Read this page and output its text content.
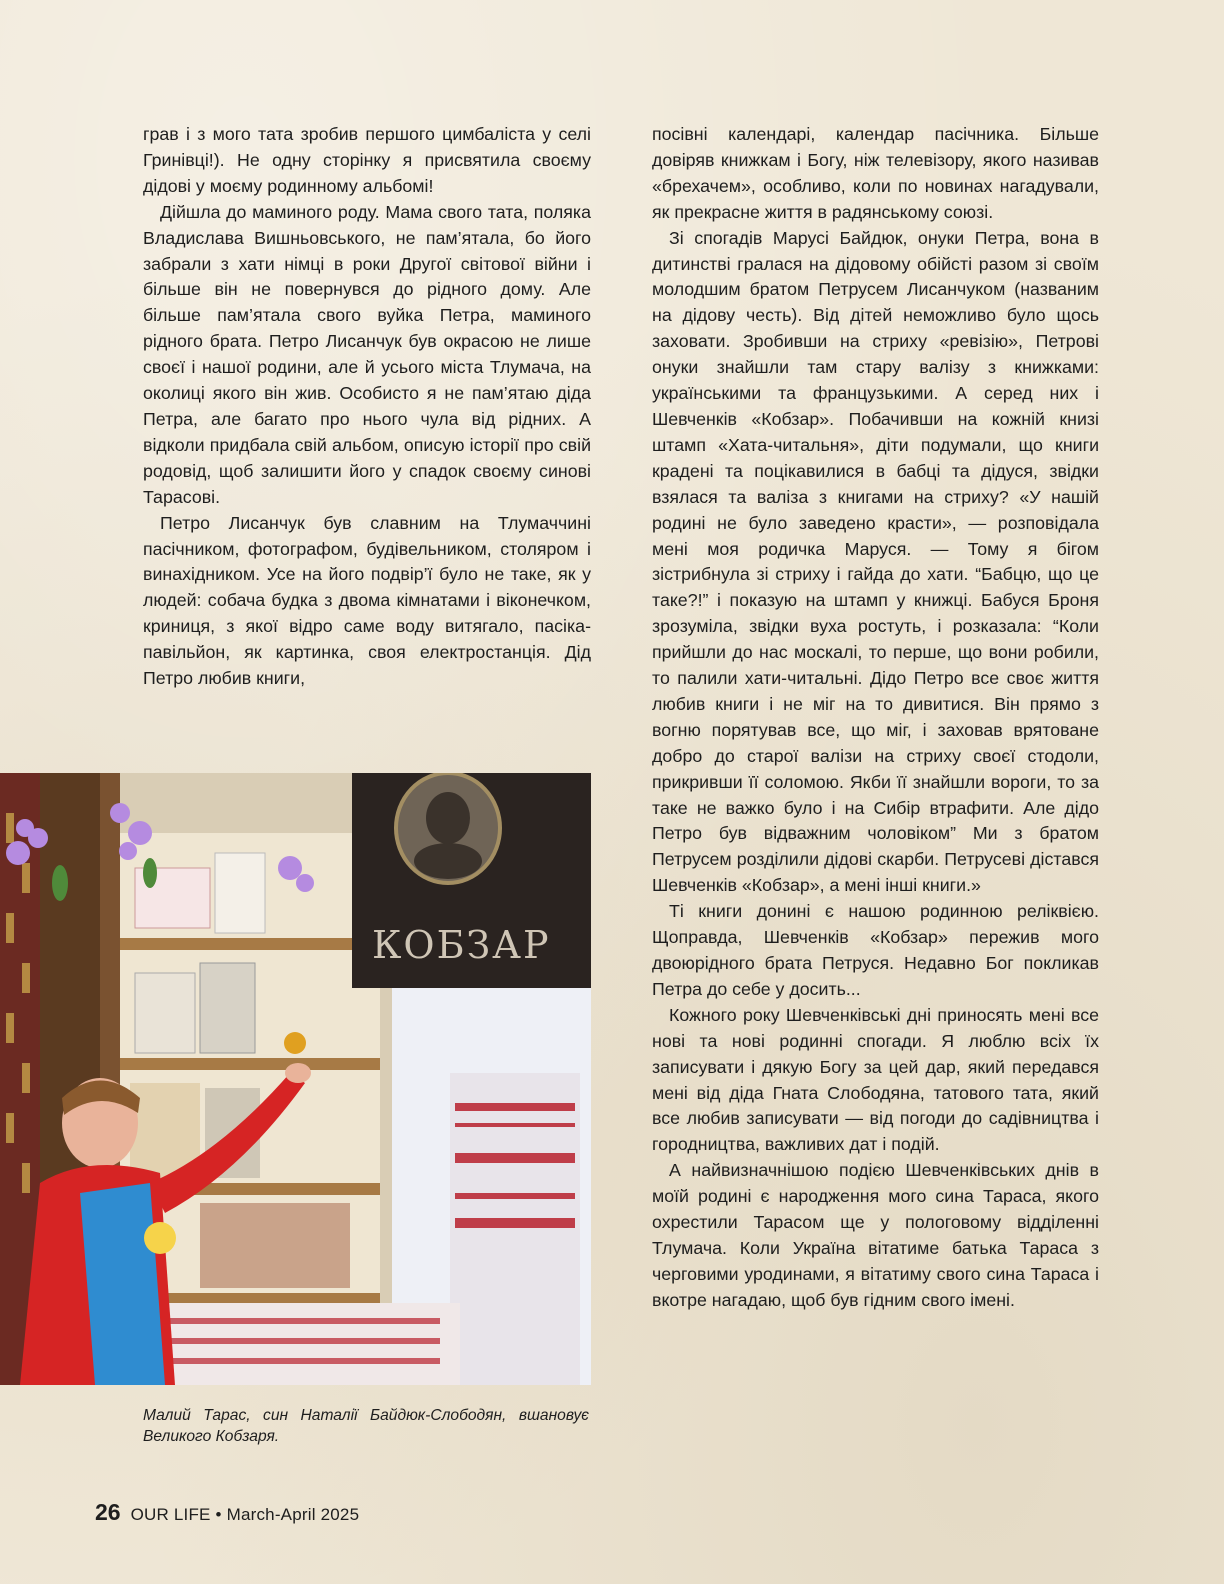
грав і з мого тата зробив першого цимбаліста у селі Гринівці!). Не одну сторінку я присвятила своєму дідові у моєму родинному альбомі!

Дійшла до маминого роду. Мама свого тата, поляка Владислава Вишньовського, не пам’ятала, бо його забрали з хати німці в роки Другої світової війни і більше він не повернувся до рідного дому. Але більше пам’ятала свого вуйка Петра, маминого рідного брата. Петро Лисанчук був окрасою не лише своєї і нашої родини, але й усього міста Тлумача, на околиці якого він жив. Особисто я не пам’ятаю діда Петра, але багато про нього чула від рідних. А відколи придбала свій альбом, описую історії про свій родовід, щоб залишити його у спадок своєму синові Тарасові.

Петро Лисанчук був славним на Тлумаччині пасічником, фотографом, будівельником, столяром і винахідником. Усе на його подвір’ї було не таке, як у людей: собача будка з двома кімнатами і віконечком, криниця, з якої відро саме воду витягало, пасіка-павільйон, як картинка, своя електростанція. Дід Петро любив книги,

посівні календарі, календар пасічника. Більше довіряв книжкам і Богу, ніж телевізору, якого називав «брехачем», особливо, коли по новинах нагадували, як прекрасне життя в радянському союзі.

Зі спогадів Марусі Байдюк, онуки Петра, вона в дитинстві гралася на дідовому обійсті разом зі своїм молодшим братом Петрусем Лисанчуком (названим на дідову честь). Від дітей неможливо було щось заховати. Зробивши на стриху «ревізію», Петрові онуки знайшли там стару валізу з книжками: українськими та французькими. А серед них і Шевченків «Кобзар». Побачивши на кожній книзі штамп «Хата-читальня», діти подумали, що книги крадені та поцікавилися в бабці та дідуся, звідки взялася та валіза з книгами на стриху? «У нашій родині не було заведено красти», — розповідала мені моя родичка Маруся. — Тому я бігом зістрибнула зі стриху і гайда до хати. “Бабцю, що це таке?!” і показую на штамп у книжці. Бабуся Броня зрозуміла, звідки вуха ростуть, і розказала: “Коли прийшли до нас москалі, то перше, що вони робили, то палили хати-читальні. Дідо Петро все своє життя любив книги і не міг на то дивитися. Він прямо з вогню порятував все, що міг, і заховав врятоване добро до старої валізи на стриху своєї стодоли, прикривши її соломою. Якби її знайшли вороги, то за таке не важко було і на Сибір втрафити. Але дідо Петро був відважним чоловіком” Ми з братом Петрусем розділили дідові скарби. Петрусеві дістався Шевченків «Кобзар», а мені інші книги.»

Ті книги донині є нашою родинною реліквією. Щоправда, Шевченків «Кобзар» пережив мого двоюрідного брата Петруся. Недавно Бог покликав Петра до себе у досить...

Кожного року Шевченківські дні приносять мені все нові та нові родинні спогади. Я люблю всіх їх записувати і дякую Богу за цей дар, який передався мені від діда Гната Слободяна, татового тата, який все любив записувати — від погоди до садівництва і городництва, важливих дат і подій.

А найвизначнішою подією Шевченківських днів в моїй родині є народження мого сина Тараса, якого охрестили Тарасом ще у пологовому відділенні Тлумача. Коли Україна вітатиме батька Тараса з черговими уродинами, я вітатиму свого сина Тараса і вкотре нагадаю, щоб був гідним свого імені.

КОБЗАР
Малий Тарас, син Наталії Байдюк-Слободян, вшановує Великого Кобзаря.
26 OUR LIFE • March-April 2025
